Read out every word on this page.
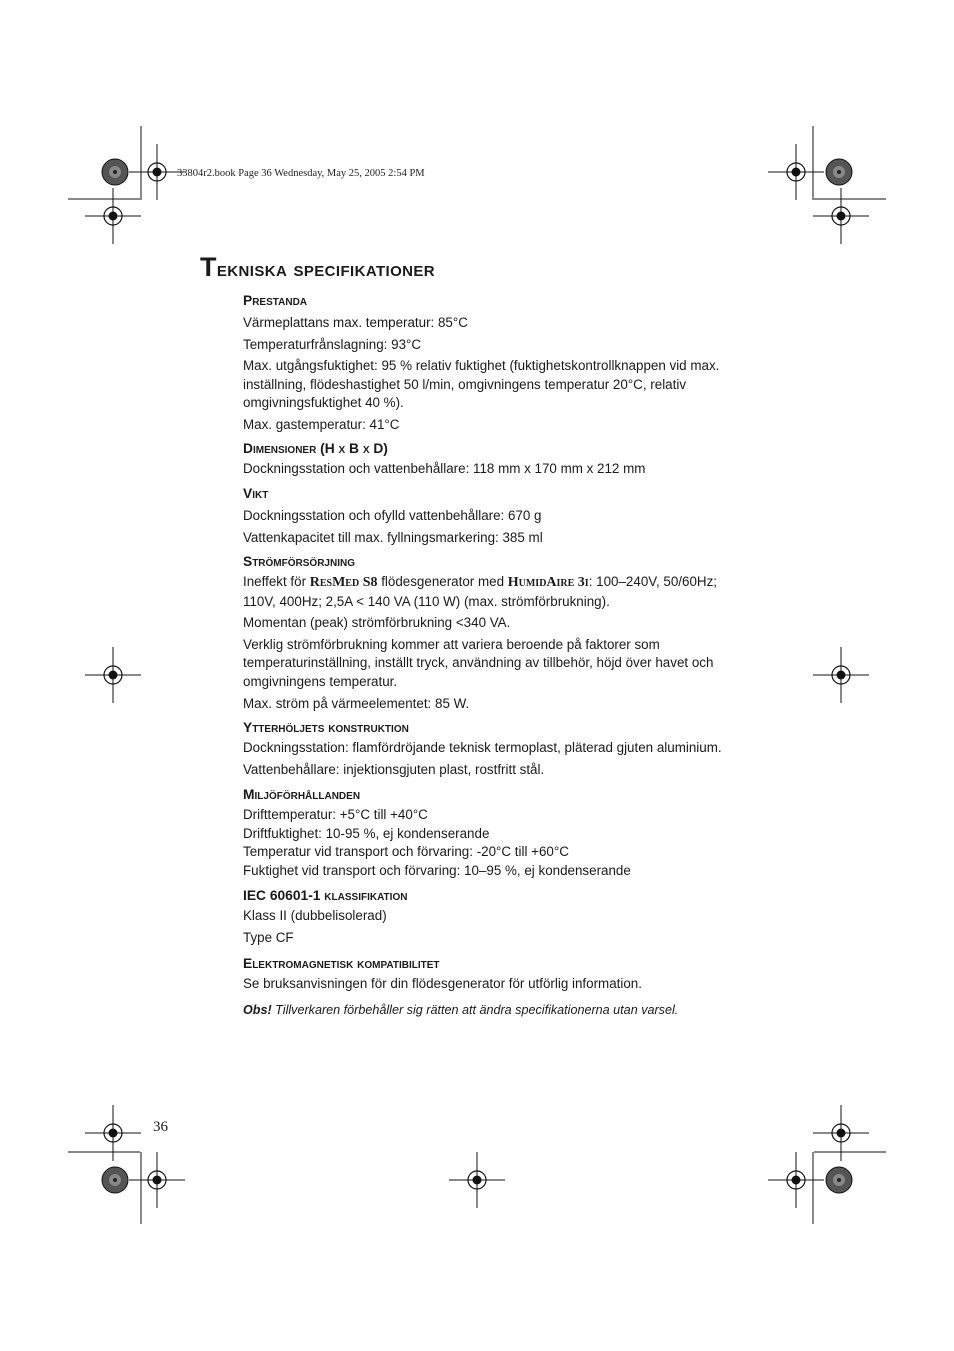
33804r2.book Page 36 Wednesday, May 25, 2005 2:54 PM
Tekniska specifikationer
Prestanda
Värmeplattans max. temperatur: 85°C
Temperaturfrånslagning: 93°C
Max. utgångsfuktighet: 95 % relativ fuktighet (fuktighetskontrollknappen vid max.
inställning, flödeshastighet 50 l/min, omgivningens temperatur 20°C, relativ
omgivningsfuktighet 40 %).
Max. gastemperatur: 41°C
Dimensioner (H x B x D)
Dockningsstation och vattenbehållare: 118 mm x 170 mm x 212 mm
Vikt
Dockningsstation och ofylld vattenbehållare: 670 g
Vattenkapacitet till max. fyllningsmarkering: 385 ml
Strömförsörjning
Ineffekt för ResMed S8 flödesgenerator med HumidAire 3i: 100–240V, 50/60Hz;
110V, 400Hz; 2,5A < 140 VA (110 W) (max. strömförbrukning).
Momentan (peak) strömförbrukning <340 VA.
Verklig strömförbrukning kommer att variera beroende på faktorer som
temperaturinställning, inställt tryck, användning av tillbehör, höjd över havet och
omgivningens temperatur.
Max. ström på värmeelementet: 85 W.
Ytterhöljets konstruktion
Dockningsstation: flamfördröjande teknisk termoplast, pläterad gjuten aluminium.
Vattenbehållare: injektionsgjuten plast, rostfritt stål.
Miljöförhållanden
Drifttemperatur: +5°C till +40°C
Driftfuktighet: 10-95 %, ej kondenserande
Temperatur vid transport och förvaring: -20°C till +60°C
Fuktighet vid transport och förvaring: 10–95 %, ej kondenserande
IEC 60601-1 klassifikation
Klass II (dubbelisolerad)
Type CF
Elektromagnetisk kompatibilitet
Se bruksanvisningen för din flödesgenerator för utförlig information.
Obs! Tillverkaren förbehåller sig rätten att ändra specifikationerna utan varsel.
36
